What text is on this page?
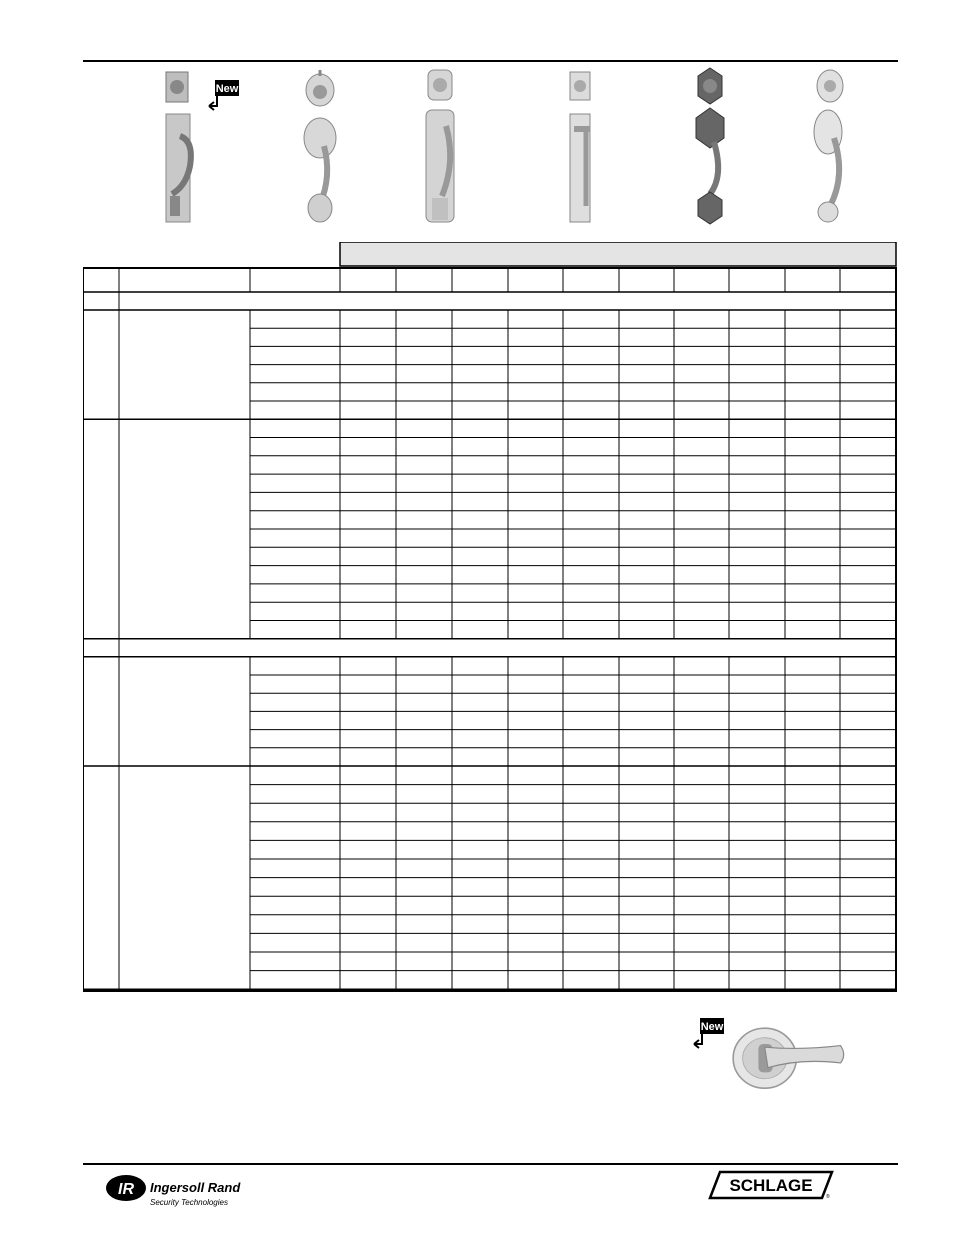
New
New
IR Ingersoll Rand
Security Technologies
SCHLAGE
®
